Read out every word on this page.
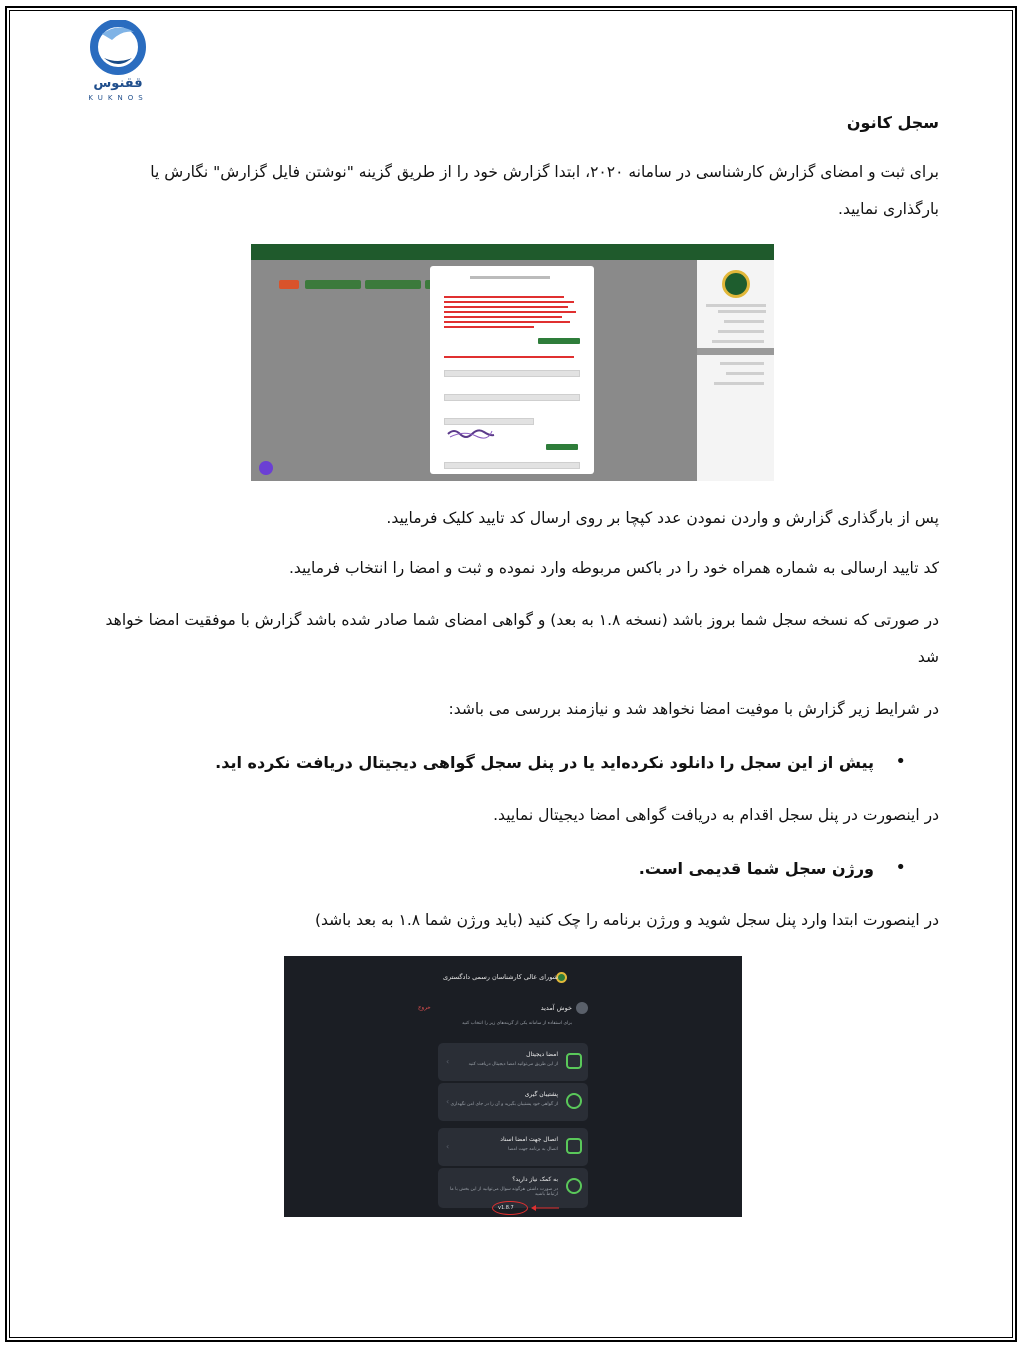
ققنوس
KUKNOS
سجل کانون
برای ثبت و امضای گزارش کارشناسی در سامانه ۲۰۲۰، ابتدا گزارش خود را از طریق گزینه "نوشتن فایل گزارش" نگارش یا
بارگذاری نمایید.
پس از بارگذاری گزارش و واردن نمودن عدد کپچا بر روی ارسال کد تایید کلیک فرمایید.
کد تایید ارسالی به شماره همراه خود را در باکس مربوطه وارد نموده و ثبت و امضا را انتخاب فرمایید.
در صورتی که نسخه سجل شما بروز باشد (نسخه ۱.۸ به بعد) و گواهی امضای شما صادر شده باشد گزارش با موفقیت امضا خواهد
شد
در شرایط زیر گزارش با موفیت امضا نخواهد شد و نیازمند بررسی می باشد:
•
پیش از این سجل را دانلود نکرده‌اید یا در پنل سجل گواهی دیجیتال دریافت نکرده اید.
در اینصورت در پنل سجل اقدام به دریافت گواهی امضا دیجیتال نمایید.
•
ورژن سجل شما قدیمی است.
در اینصورت ابتدا وارد پنل سجل شوید و ورژن برنامه را چک کنید (باید ورژن شما ۱.۸ به بعد باشد)
شورای عالی کارشناسان رسمی دادگستری
خوش آمدید
خروج
برای استفاده از سامانه یکی از گزینه‌های زیر را انتخاب کنید
امضا دیجیتال
از این طریق می‌توانید امضا دیجیتال دریافت کنید
‹
پشتیبان گیری
از گواهی خود پشتیبان بگیرید و آن را در جای امن نگهداری
‹
اتصال جهت امضا اسناد
اتصال به برنامه جهت امضا
‹
به کمک نیاز دارید؟
در صورت داشتن هرگونه سوال می‌توانید از این بخش با ما ارتباط باشید
v1.8.7
